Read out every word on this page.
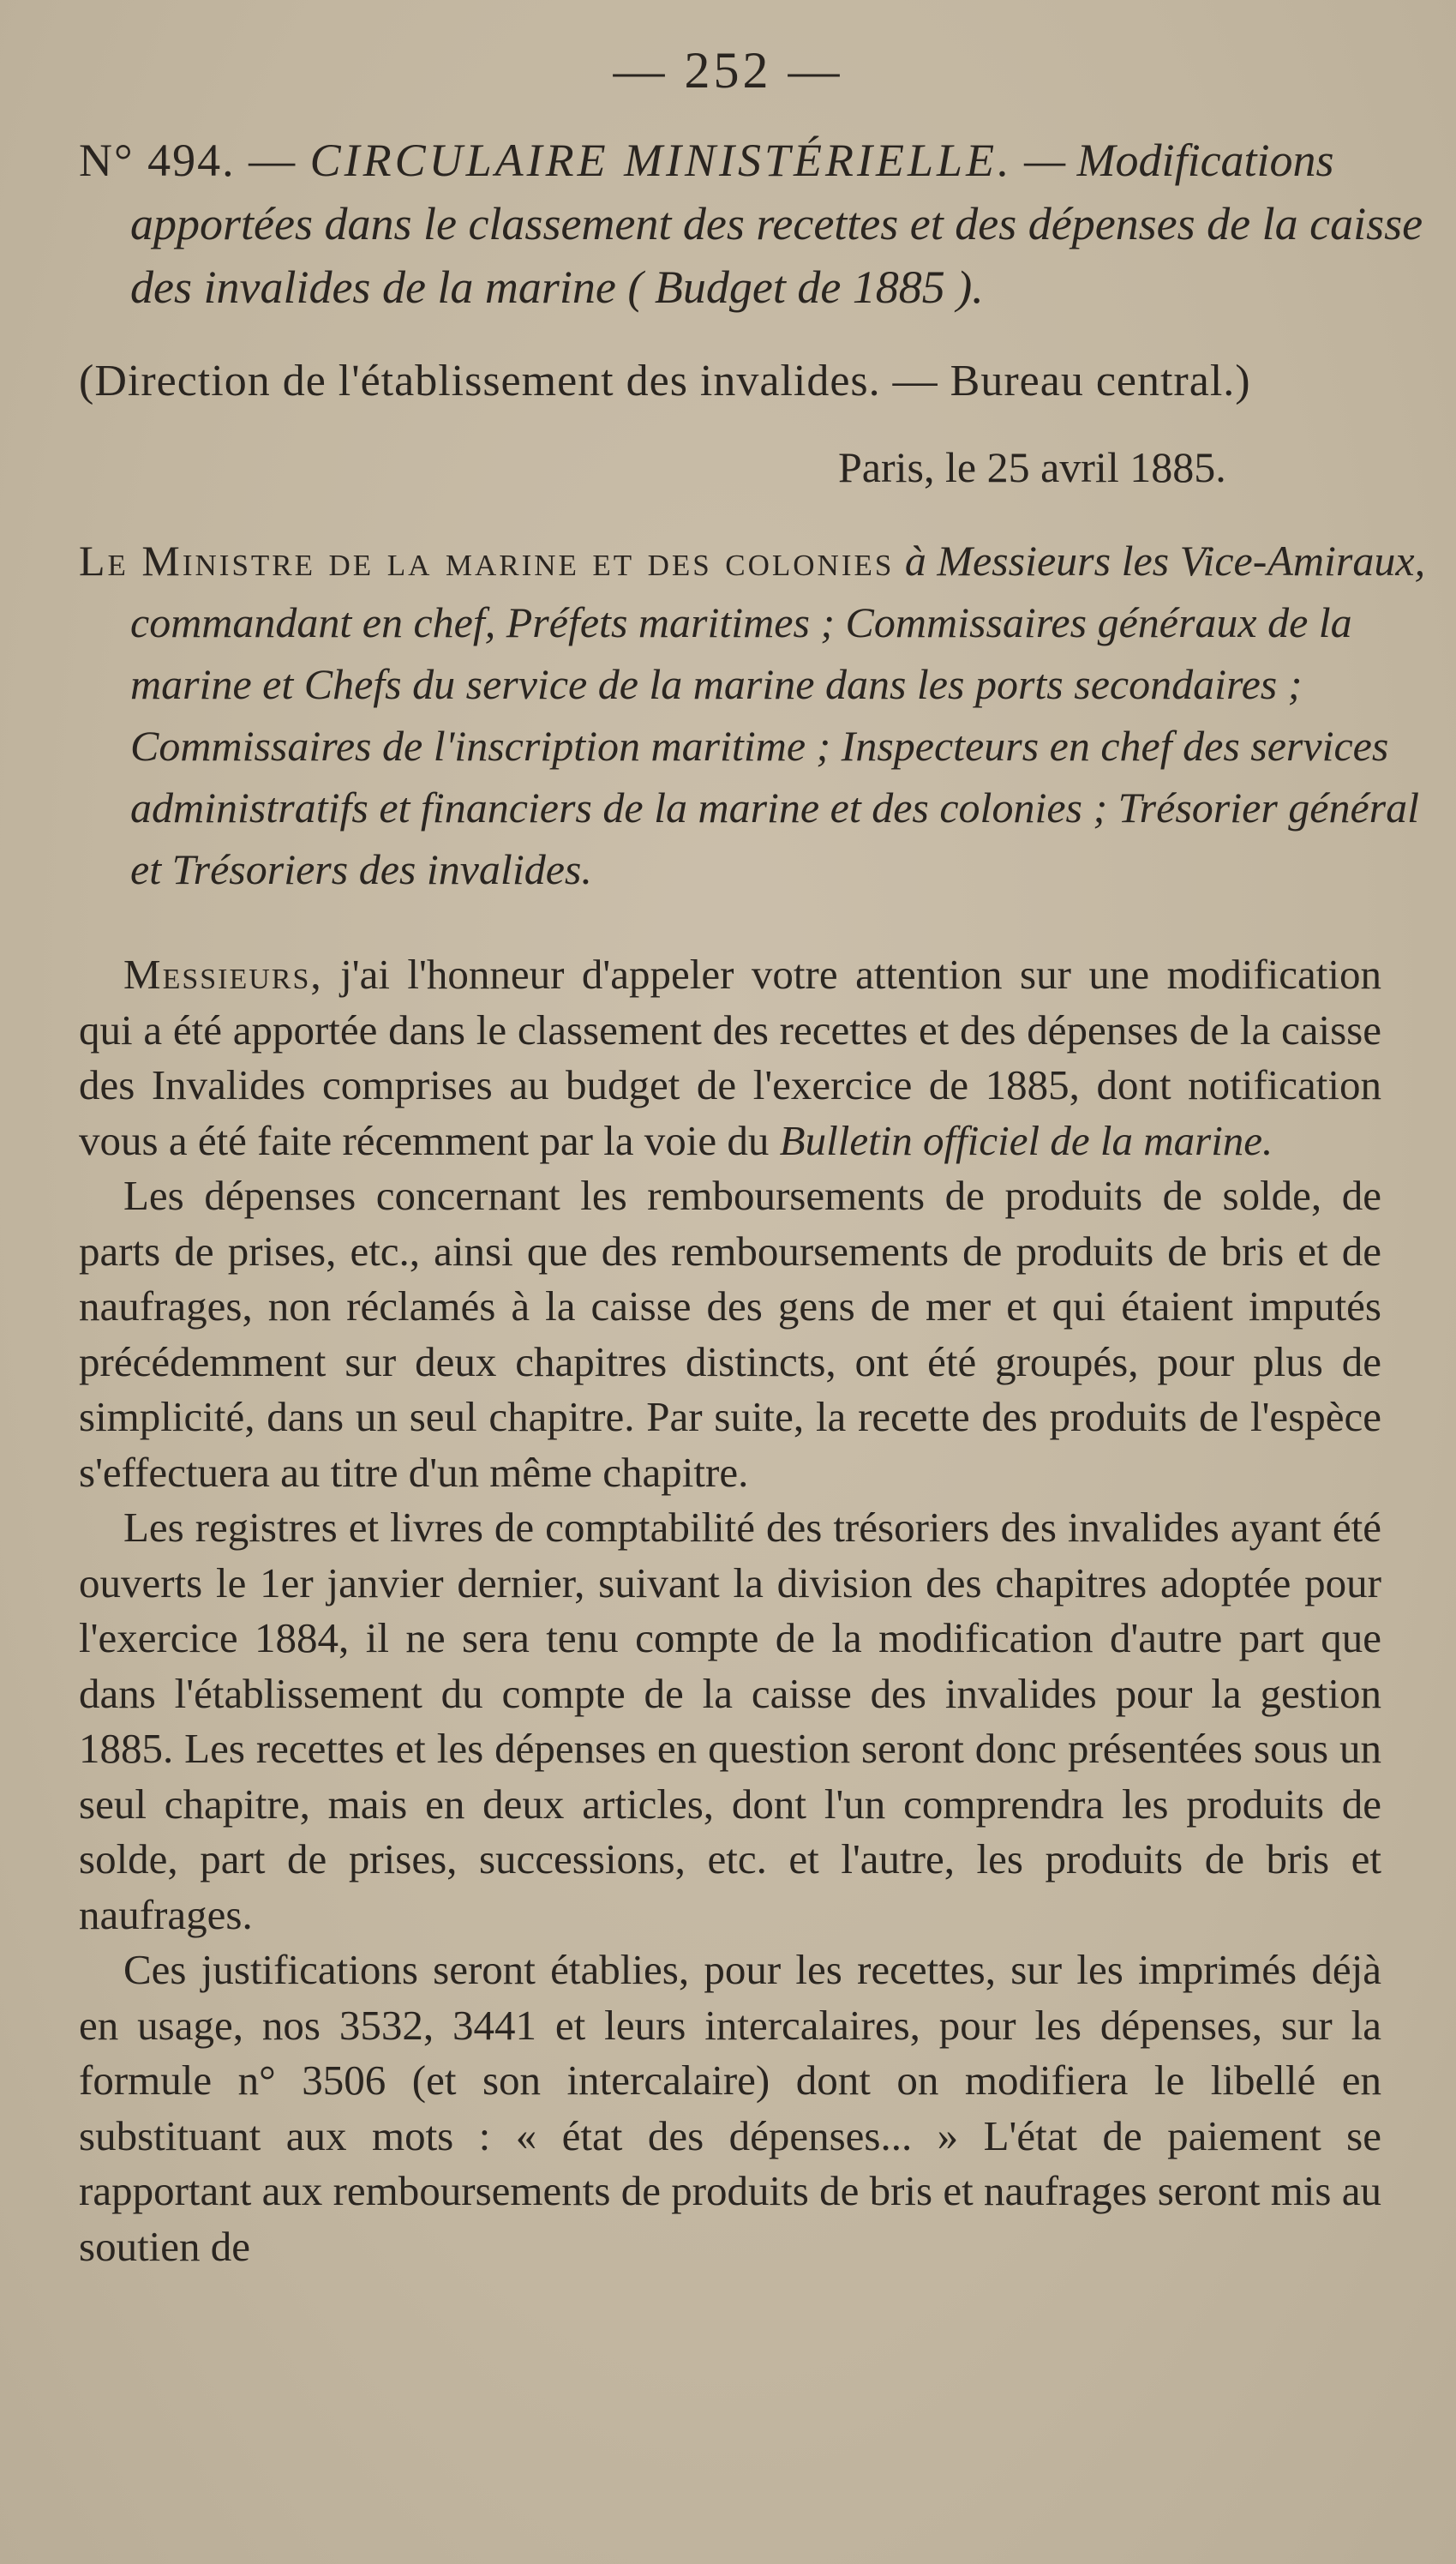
— 252 —
N° 494. — CIRCULAIRE MINISTÉRIELLE. — Modifications apportées dans le classement des recettes et des dépenses de la caisse des invalides de la marine ( Budget de 1885 ).
(Direction de l'établissement des invalides. — Bureau central.)
Paris, le 25 avril 1885.
Le Ministre de la marine et des colonies à Messieurs les Vice-Amiraux, commandant en chef, Préfets maritimes ; Commissaires généraux de la marine et Chefs du service de la marine dans les ports secondaires ; Commissaires de l'inscription maritime ; Inspecteurs en chef des services administratifs et financiers de la marine et des colonies ; Trésorier général et Trésoriers des invalides.

Messieurs, j'ai l'honneur d'appeler votre attention sur une modification qui a été apportée dans le classement des recettes et des dépenses de la caisse des Invalides comprises au budget de l'exercice de 1885, dont notification vous a été faite récemment par la voie du Bulletin officiel de la marine.

Les dépenses concernant les remboursements de produits de solde, de parts de prises, etc., ainsi que des remboursements de produits de bris et de naufrages, non réclamés à la caisse des gens de mer et qui étaient imputés précédemment sur deux chapitres distincts, ont été groupés, pour plus de simplicité, dans un seul chapitre. Par suite, la recette des produits de l'espèce s'effectuera au titre d'un même chapitre.

Les registres et livres de comptabilité des trésoriers des invalides ayant été ouverts le 1er janvier dernier, suivant la division des chapitres adoptée pour l'exercice 1884, il ne sera tenu compte de la modification d'autre part que dans l'établissement du compte de la caisse des invalides pour la gestion 1885. Les recettes et les dépenses en question seront donc présentées sous un seul chapitre, mais en deux articles, dont l'un comprendra les produits de solde, part de prises, successions, etc. et l'autre, les produits de bris et naufrages.

Ces justifications seront établies, pour les recettes, sur les imprimés déjà en usage, nos 3532, 3441 et leurs intercalaires, pour les dépenses, sur la formule n° 3506 (et son intercalaire) dont on modifiera le libellé en substituant aux mots : « état des dépenses... » L'état de paiement se rapportant aux remboursements de produits de bris et naufrages seront mis au soutien de
